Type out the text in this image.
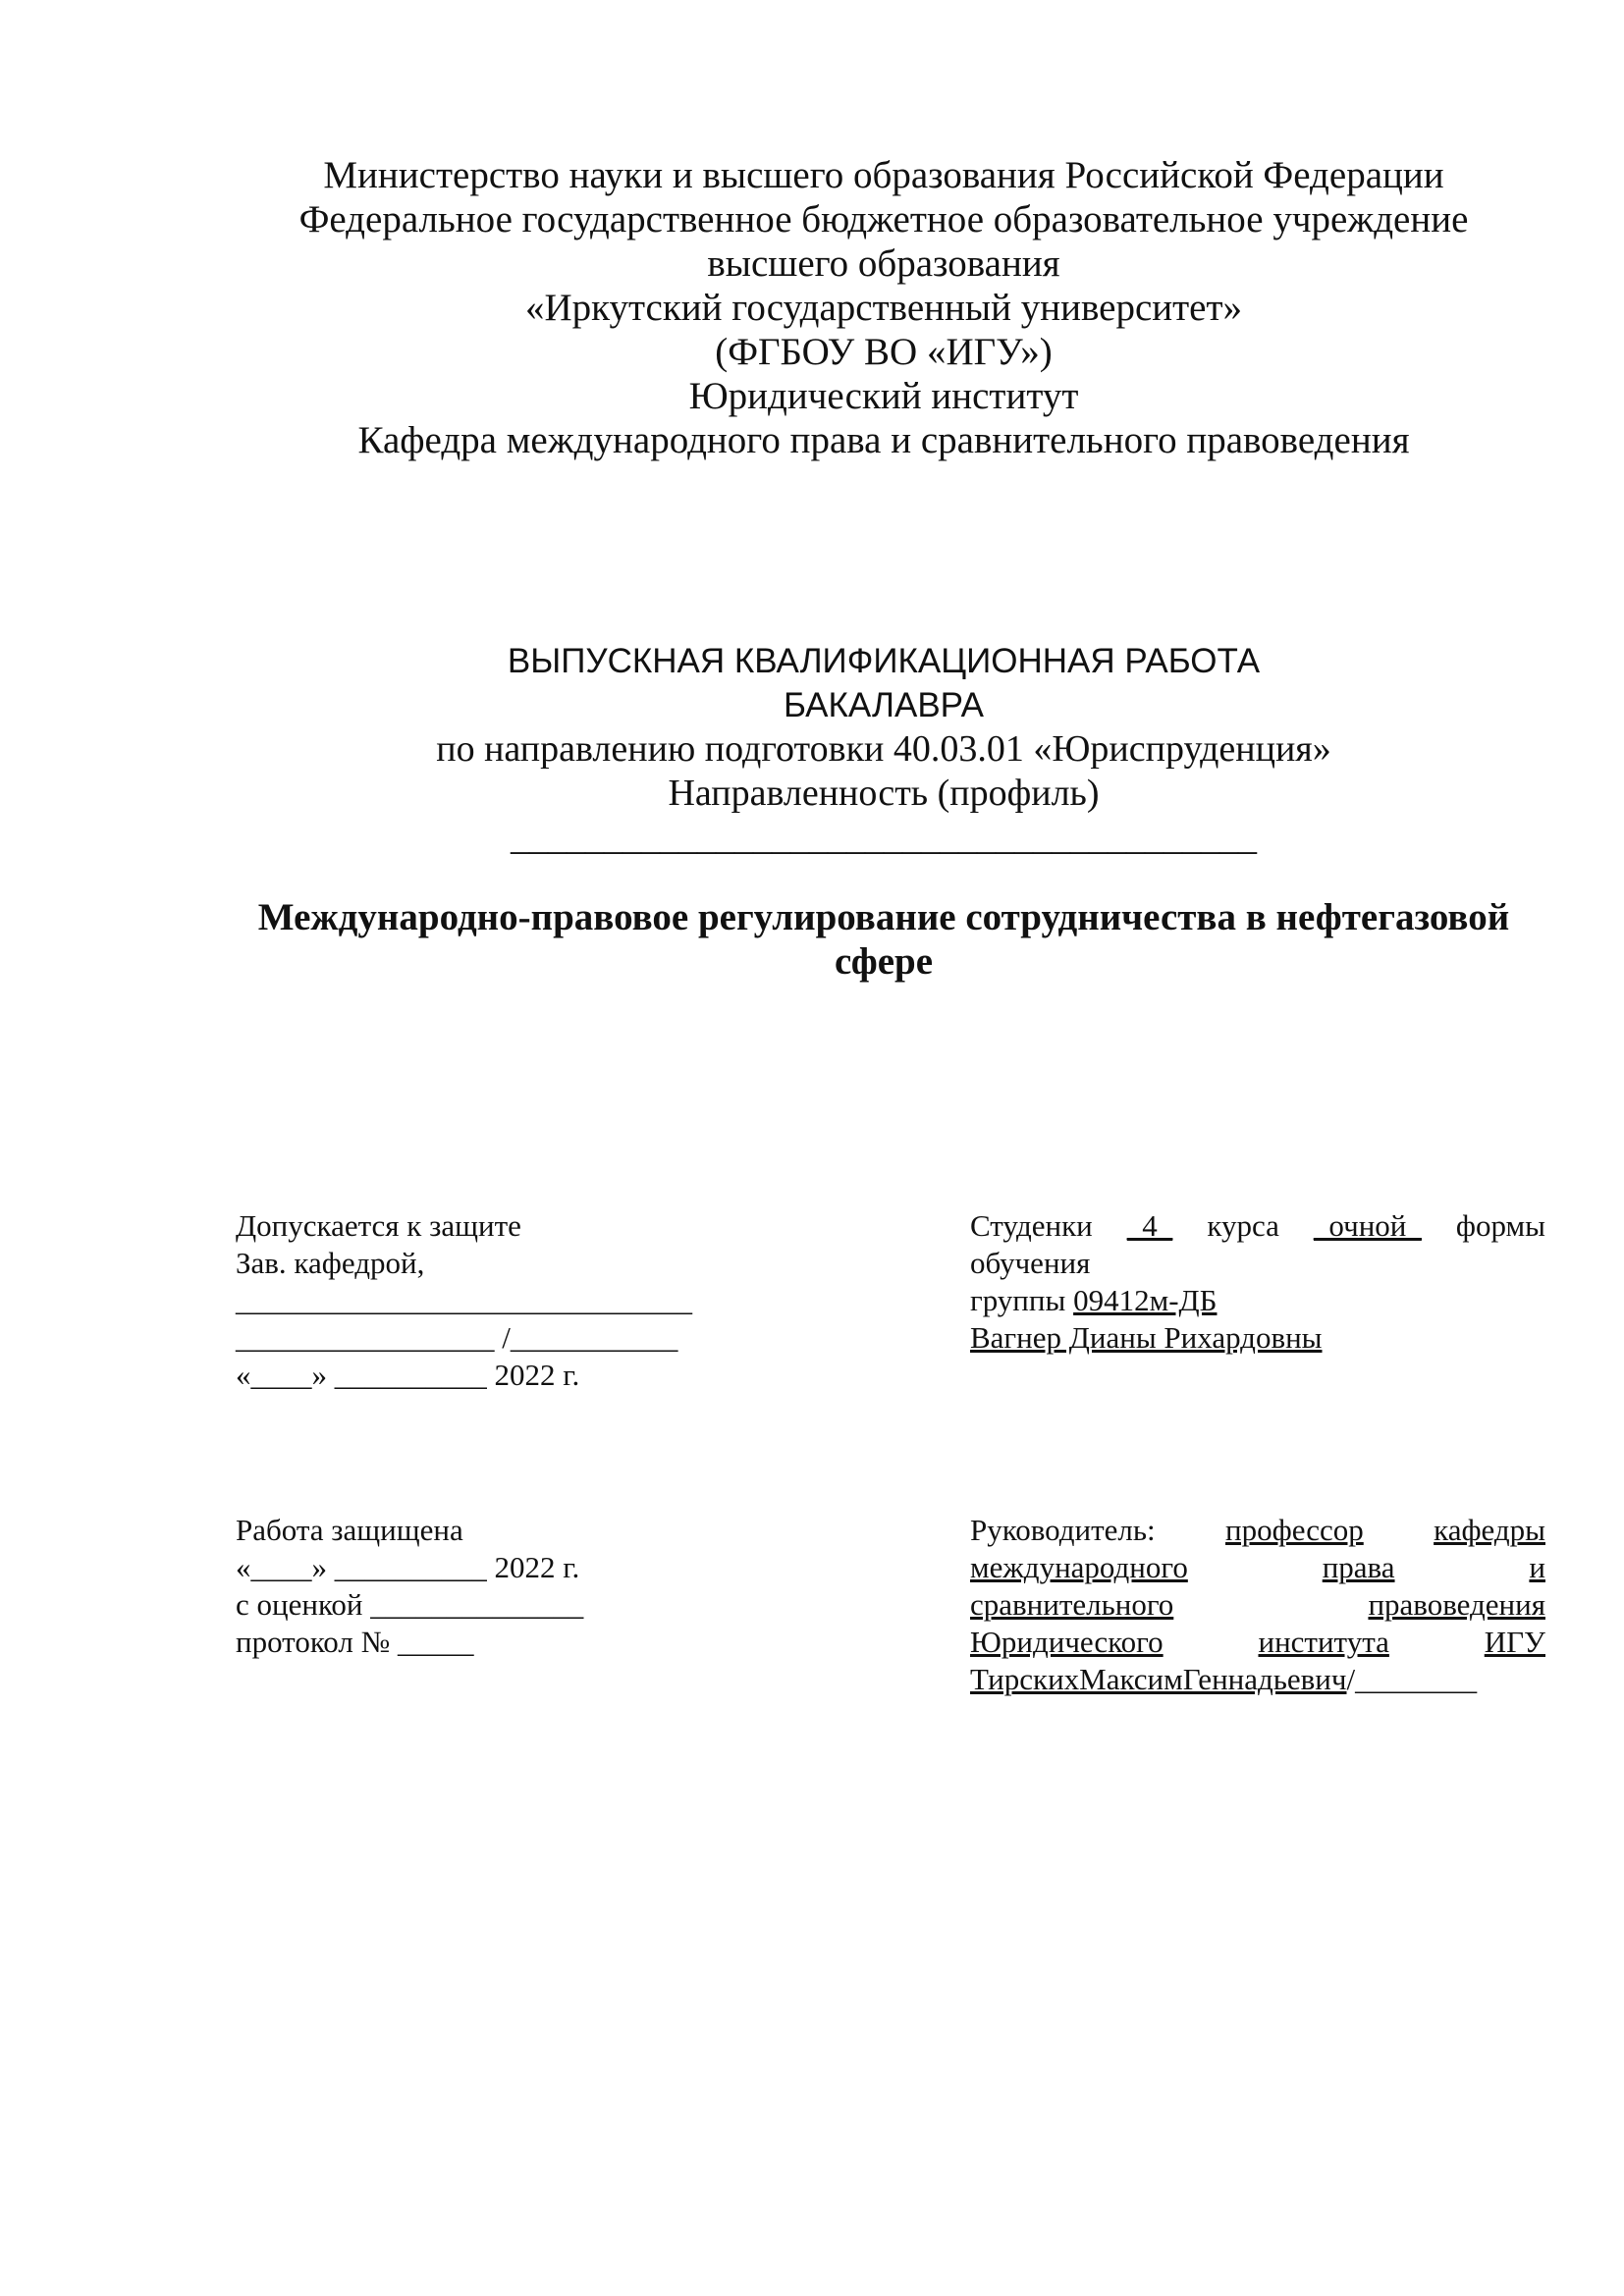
Министерство науки и высшего образования Российской Федерации
Федеральное государственное бюджетное образовательное учреждение
высшего образования
«Иркутский государственный университет»
(ФГБОУ ВО «ИГУ»)
Юридический институт
Кафедра международного права и сравнительного правоведения
ВЫПУСКНАЯ КВАЛИФИКАЦИОННАЯ РАБОТА
БАКАЛАВРА
по направлению подготовки 40.03.01 «Юриспруденция»
Направленность (профиль)
________________________________________
Международно-правовое регулирование сотрудничества в нефтегазовой
сфере
Допускается к защите
Зав. кафедрой,
______________________________
_________________ /___________
«____» __________ 2022 г.
Студенки _4_ курса _очной_ формы
обучения
группы 09412м-ДБ
Вагнер Дианы Рихардовны
Работа защищена
«____» __________ 2022 г.
с оценкой ______________
протокол № _____
Руководитель: профессор кафедры
международного	права	и
сравнительного	правоведения
Юридического	института	ИГУ
ТирскихМаксимГеннадьевич/________
